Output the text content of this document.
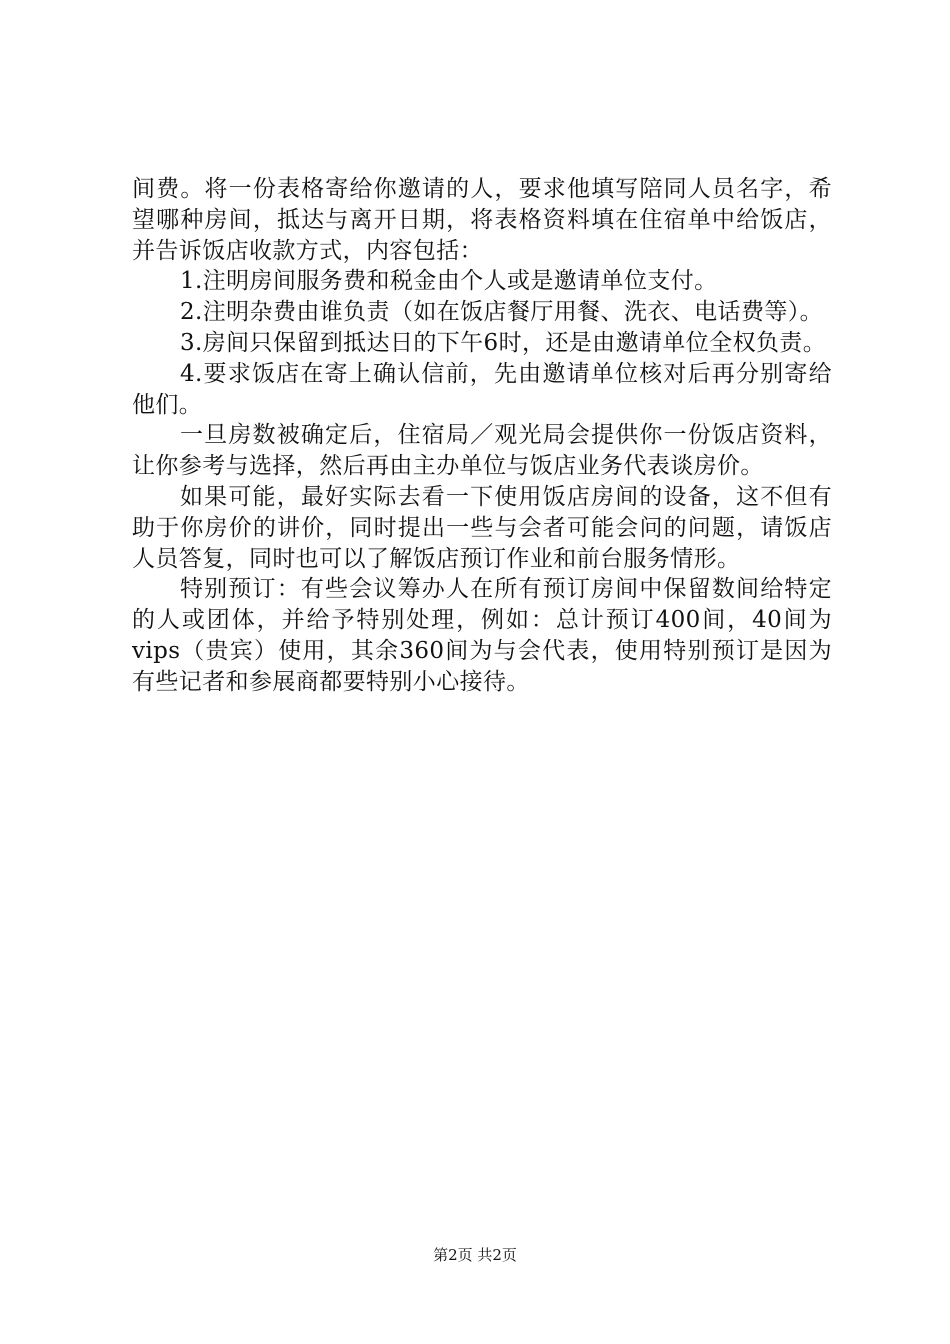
间费。将一份表格寄给你邀请的人，要求他填写陪同人员名字，希望哪种房间，抵达与离开日期，将表格资料填在住宿单中给饭店，并告诉饭店收款方式，内容包括：

1.注明房间服务费和税金由个人或是邀请单位支付。

2.注明杂费由谁负责（如在饭店餐厅用餐、洗衣、电话费等）。

3.房间只保留到抵达日的下午6时，还是由邀请单位全权负责。

4.要求饭店在寄上确认信前，先由邀请单位核对后再分别寄给他们。

一旦房数被确定后，住宿局／观光局会提供你一份饭店资料，让你参考与选择，然后再由主办单位与饭店业务代表谈房价。

如果可能，最好实际去看一下使用饭店房间的设备，这不但有助于你房价的讲价，同时提出一些与会者可能会问的问题，请饭店人员答复，同时也可以了解饭店预订作业和前台服务情形。

特别预订：有些会议筹办人在所有预订房间中保留数间给特定的人或团体，并给予特别处理，例如：总计预订400间，40间为vips（贵宾）使用，其余360间为与会代表，使用特别预订是因为有些记者和参展商都要特别小心接待。

第2页 共2页
